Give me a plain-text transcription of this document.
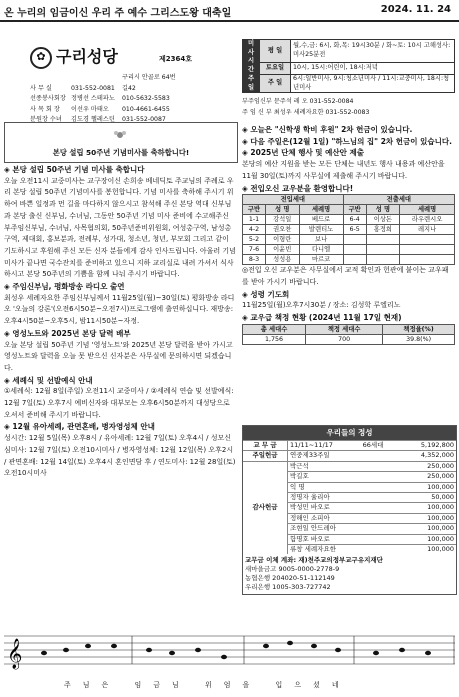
온 누리의 임금이신 우리 주 예수 그리스도왕 대축일	2024. 11. 24
✿ 구리성당	제2364호
사 무 실	031-552-0081구리시 안골로 64번길42
선종봉사회장 정병선 스테파노 010-5632-5583
사 목 회 장 이선우 마태오 010-4661-6455
분원장 수녀 김도경 헬레스틴 031-552-0087
미사시간	평 일	월,수,금: 6시, 화,목: 19시30분 / 화~토: 10시 고해성사:미사25분전
	토요일	10시, 15시:어린이, 18시:저녁
주 일	주 일	6시:일반미사, 9시:청소년미사 / 11시:교중미사, 18시:청년미사
부주임신부 문주석 레 오 031-552-0084
주 임 신 부 최성우 세례자요한 031-552-0083
본당 설립 50주년 기념미사를 축하합니다!
◈ 본당 설립 50주년 기념 미사를 축합니다

오늘 오전11시 교중미사는 교구장이신 손희송 베네딕토 주교님의 주례로 우리 본당 설립 50주년 기념미사를 봉헌합니다. 기념 미사를 축하해 주시기 위하여 바쁜 일정과 먼 길을 마다하지 않으시고 참석해 주신 본당 역대 신부님과 본당 출신 신부님, 수녀님, 그동안 50주년 기념 미사 준비에 수고해주신 부주임신부님, 수녀님, 사목협의회, 50주년준비위원회, 여성총구역, 남성총구역, 제대회, 홍보분과, 전례부, 성가대, 청소년, 청년, 부모회 그리고 같이 기도하시고 후원해 주신 모든 신자 분들에게 감사 인사드립니다. 아울러 기념미사가 끝나면 국수잔치를 준비하고 있으니 지하 교리실로 내려 가셔서 식사하시고 본당 50주년의 기쁨을 함께 나눠 주시기 바랍니다.

◈ 주임신부님, 평화방송 라디오 출연

최성우 세례자요한 주임신부님께서 11월25일(월)~30일(토) 평화방송 라디오 '오늘의 강론'(오전6시50분~오전7시)프로그램에 출연하십니다. 재방송:오후4시50분~오후5시, 밤11시50분~자정.

◈ 영성노트와 2025년 본당 달력 배부

오늘 본당 설립 50주년 기념 '영성노트'와 2025년 본당 달력을 받아 가시고 영성노트와 달력을 오늘 못 받으신 신자분은 사무실에 문의하시면 되겠습니다.

◈ 세례식 및 선발예식 안내

①세례식: 12월 8일(주일) 오전11시 교중미사 / ②세례식 연습 및 선발예식: 12월 7일(토) 오후7시 예비신자와 대부모는 오후6시50분까지 대성당으로 오셔서 준비해 주시기 바랍니다.

◈ 12월 유아세례, 관면혼배, 병자영성체 안내

성시간: 12월 5일(목) 오후8시 / 유아세례: 12월 7일(토) 오후4시 / 성모신심미사: 12월 7일(토) 오전10시미사 / 병자영성체: 12월 12일(목) 오후2시 / 관면혼배: 12월 14일(토) 오후4시 혼인면담 후 / 연도미사: 12월 28일(토) 오전10시미사

◈ 오늘은 "신학생 학비 후원" 2차 헌금이 있습니다.
◈ 다음 주일은(12월 1일) "하느님의 집" 2차 헌금이 있습니다.
◈ 2025년 단체 행사 및 예산안 제출

본당의 예산 지원을 받는 모든 단체는 내년도 행사 내용과 예산안을 11월 30일(토)까지 사무실에 제출해 주시기 바랍니다.

◈ 전입오신 교우분을 환영합니다!
전입세대			전출세대		
구반	성 명	세례명	구반	성 명	세례명
1-1	강석일	베드로	6-4	이상돈	라우렌시오
4-2	권오찬	발렌티노	6-5	홍정희	레지나
5-2	이형란	보나			
7-6	이윤빈	다니엘			
8-3	성성용	마르코			

◎전입 오신 교우분은 사무실에서 교적 확인과 헌관에 붙이는 교우패를 받아 가시기 바랍니다.

◈ 성령 기도회

11월25일(월)오후7시30분 / 장소: 김성학 루엘리노

◈ 교우급 책정 현황 (2024년 11월 17일 현재)
총 세대수	책정 세대수	책정율(%)
1,756	700	39.8(%)
우리들의 정성
교 무 금	11/11~11/17	66세대	5,192,800
주일헌금	연중제33주일		4,352,000
감사헌금	박근석		250,000
	박길호		250,000
	익 명		100,000
	정명자 율리아		50,000
	박성민 바오로		100,000
	정해인 소피아		100,000
	조현일 안드레아		100,000
	함명호 바오로		100,000
	류창 세례자요한		100,000
교무금 이체 계좌: 재)천주교의정부교구유지재단
새마을금고 9005-0000-2778-9
농협은행 204020-51-112149
우리은행 1005-303-727742
𝄞
주님은 임금님 위엄을 입으셨네
